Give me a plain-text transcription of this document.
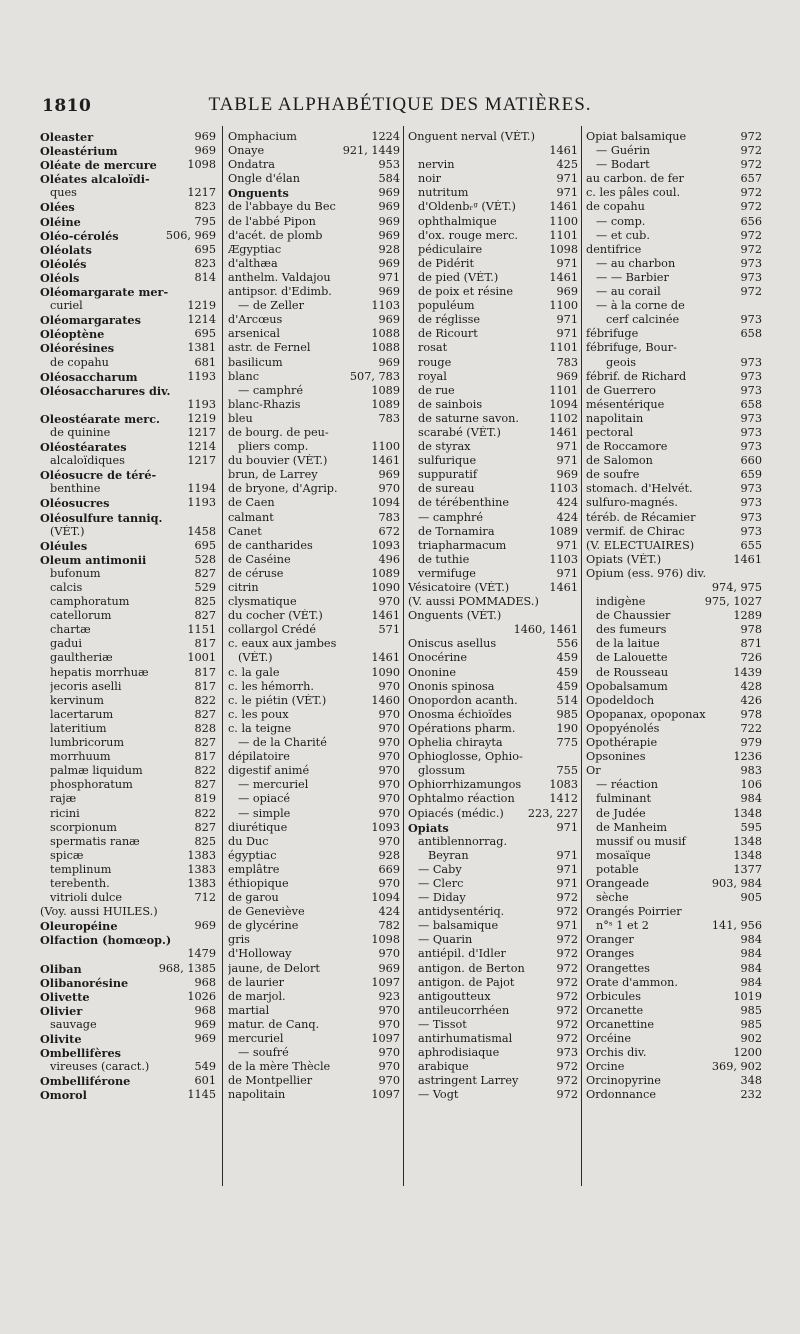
1810	TABLE ALPHABÉTIQUE DES MATIÈRES.
Oleaster	969
Oleastérium	969
Oléate de mercure	1098
Oléates alcaloïdi-
ques	1217
Olées	823
Oléine	795
Oléo-cérolés	506, 969
Oléolats	695
Oléolés	823
Oléols	814
Oléomargarate mer-
curiel	1219
Oléomargarates	1214
Oléoptène	695
Oléorésines	1381
de copahu	681
Oléosaccharum	1193
Oléosaccharures div.
1193
Oleostéarate merc.	1219
de quinine	1217
Oléostéarates	1214
alcaloïdiques	1217
Oléosucre de téré-
benthine	1194
Oléosucres	1193
Oléosulfure tanniq.
(VÉT.)	1458
Oléules	695
Oleum antimonii	528
bufonum	827
calcis	529
camphoratum	825
catellorum	827
chartæ	1151
gadui	817
gaultheriæ	1001
hepatis morrhuæ	817
jecoris aselli	817
kervinum	822
lacertarum	827
lateritium	828
lumbricorum	827
morrhuum	817
palmæ liquidum	822
phosphoratum	827
rajæ	819
ricini	822
scorpionum	827
spermatis ranæ	825
spicæ	1383
templinum	1383
terebenth.	1383
vitrioli dulce	712
(Voy. aussi HUILES.)
Oleuropéine	969
Olfaction (homœop.)
1479
Oliban	968, 1385
Olibanorésine	968
Olivette	1026
Olivier	968
sauvage	969
Olivite	969
Ombellifères
vireuses (caract.)	549
Ombelliférone	601
Omorol	1145
Omphacium	1224
Onaye	921, 1449
Ondatra	953
Ongle d'élan	584
Onguents	969
de l'abbaye du Bec	969
de l'abbé Pipon	969
d'acét. de plomb	969
Ægyptiac	928
d'althæa	969
anthelm. Valdajou	971
antipsor. d'Edimb.	969
— de Zeller	1103
d'Arcœus	969
arsenical	1088
astr. de Fernel	1088
basilicum	969
blanc	507, 783
— camphré	1089
blanc-Rhazis	1089
bleu	783
de bourg. de peu-
pliers comp.	1100
du bouvier (VÉT.)	1461
brun, de Larrey	969
de bryone, d'Agrip.	970
de Caen	1094
calmant	783
Canet	672
de cantharides	1093
de Caséine	496
de céruse	1089
citrin	1090
clysmatique	970
du cocher (VÉT.)	1461
collargol Crédé	571
c. eaux aux jambes
(VÉT.)	1461
c. la gale	1090
c. les hémorrh.	970
c. le piétin (VÉT.)	1460
c. les poux	970
c. la teigne	970
— de la Charité	970
dépilatoire	970
digestif animé	970
— mercuriel	970
— opiacé	970
— simple	970
diurétique	1093
du Duc	970
égyptiac	928
emplâtre	669
éthiopique	970
de garou	1094
de Geneviève	424
de glycérine	782
gris	1098
d'Holloway	970
jaune, de Delort	969
de laurier	1097
de marjol.	923
martial	970
matur. de Canq.	970
mercuriel	1097
— soufré	970
de la mère Thècle	970
de Montpellier	970
napolitain	1097
Onguent nerval (VÉT.)
1461
nervin	425
noir	971
nutritum	971
d'Oldenbᵣᵍ (VÉT.)	1461
ophthalmique	1100
d'ox. rouge merc.	1101
pédiculaire	1098
de Pidérit	971
de pied (VÉT.)	1461
de poix et résine	969
populéum	1100
de réglisse	971
de Ricourt	971
rosat	1101
rouge	783
royal	969
de rue	1101
de sainbois	1094
de saturne savon.	1102
scarabé (VÉT.)	1461
de styrax	971
sulfurique	971
suppuratif	969
de sureau	1103
de térébenthine	424
— camphré	424
de Tornamira	1089
triapharmacum	971
de tuthie	1103
vermifuge	971
Vésicatoire (VÉT.)	1461
(V. aussi POMMADES.)
Onguents (VÉT.)
1460, 1461
Oniscus asellus	556
Onocérine	459
Ononine	459
Ononis spinosa	459
Onopordon acanth.	514
Onosma échioïdes	985
Opérations pharm.	190
Ophelia chirayta	775
Ophioglosse, Ophio-
glossum	755
Ophiorrhizamungos	1083
Ophtalmo réaction	1412
Opiacés (médic.)	223, 227
Opiats	971
antiblennorrag.
Beyran	971
— Caby	971
— Clerc	971
— Diday	972
antidysentériq.	972
— balsamique	971
— Quarin	972
antiépil. d'Idler	972
antigon. de Berton	972
antigon. de Pajot	972
antigoutteux	972
antileucorrhéen	972
— Tissot	972
antirhumatismal	972
aphrodisiaque	973
arabique	972
astringent Larrey	972
— Vogt	972
Opiat balsamique	972
— Guérin	972
— Bodart	972
au carbon. de fer	657
c. les pâles coul.	972
de copahu	972
— comp.	656
— et cub.	972
dentifrice	972
— au charbon	973
— — Barbier	973
— au corail	972
— à la corne de
cerf calcinée	973
fébrifuge	658
fébrifuge, Bour-
geois	973
fébrif. de Richard	973
de Guerrero	973
mésentérique	658
napolitain	973
pectoral	973
de Roccamore	973
de Salomon	660
de soufre	659
stomach. d'Helvét.	973
sulfuro-magnés.	973
téréb. de Récamier	973
vermif. de Chirac	973
(V. ELECTUAIRES)	655
Opiats (VÉT.)	1461
Opium (ess. 976) div.
974, 975
indigène	975, 1027
de Chaussier	1289
des fumeurs	978
de la laitue	871
de Lalouette	726
de Rousseau	1439
Opobalsamum	428
Opodeldoch	426
Opopanax, opoponax	978
Opopyénolés	722
Opothérapie	979
Opsonines	1236
Or	983
— réaction	106
fulminant	984
de Judée	1348
de Manheim	595
mussif ou musif	1348
mosaïque	1348
potable	1377
Orangeade	903, 984
sèche	905
Orangés Poirrier
n°ˢ 1 et 2	141, 956
Oranger	984
Oranges	984
Orangettes	984
Orate d'ammon.	984
Orbicules	1019
Orcanette	985
Orcanettine	985
Orcéine	902
Orchis div.	1200
Orcine	369, 902
Orcinopyrine	348
Ordonnance	232
